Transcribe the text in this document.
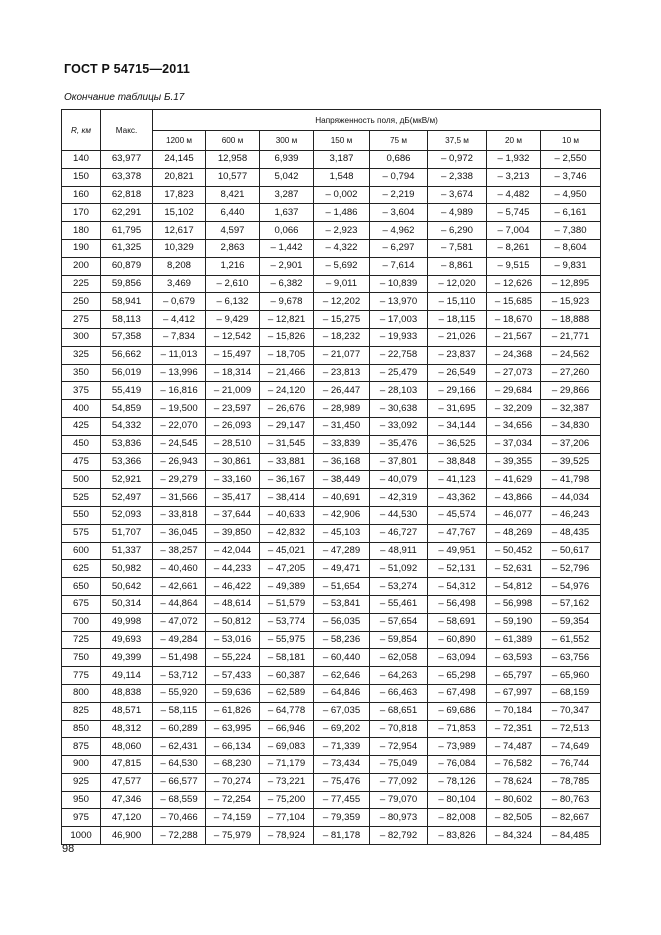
ГОСТ Р 54715—2011
Окончание таблицы Б.17
R, км	Макс.	Напряженность поля, дБ(мкВ/м)							
		1200 м	600 м	300 м	150 м	75 м	37,5 м	20 м	10 м
140	63,977	24,145	12,958	6,939	3,187	0,686	– 0,972	– 1,932	– 2,550
150	63,378	20,821	10,577	5,042	1,548	– 0,794	– 2,338	– 3,213	– 3,746
160	62,818	17,823	8,421	3,287	– 0,002	– 2,219	– 3,674	– 4,482	– 4,950
170	62,291	15,102	6,440	1,637	– 1,486	– 3,604	– 4,989	– 5,745	– 6,161
180	61,795	12,617	4,597	0,066	– 2,923	– 4,962	– 6,290	– 7,004	– 7,380
190	61,325	10,329	2,863	– 1,442	– 4,322	– 6,297	– 7,581	– 8,261	– 8,604
200	60,879	8,208	1,216	– 2,901	– 5,692	– 7,614	– 8,861	– 9,515	– 9,831
225	59,856	3,469	– 2,610	– 6,382	– 9,011	– 10,839	– 12,020	– 12,626	– 12,895
250	58,941	– 0,679	– 6,132	– 9,678	– 12,202	– 13,970	– 15,110	– 15,685	– 15,923
275	58,113	– 4,412	– 9,429	– 12,821	– 15,275	– 17,003	– 18,115	– 18,670	– 18,888
300	57,358	– 7,834	– 12,542	– 15,826	– 18,232	– 19,933	– 21,026	– 21,567	– 21,771
325	56,662	– 11,013	– 15,497	– 18,705	– 21,077	– 22,758	– 23,837	– 24,368	– 24,562
350	56,019	– 13,996	– 18,314	– 21,466	– 23,813	– 25,479	– 26,549	– 27,073	– 27,260
375	55,419	– 16,816	– 21,009	– 24,120	– 26,447	– 28,103	– 29,166	– 29,684	– 29,866
400	54,859	– 19,500	– 23,597	– 26,676	– 28,989	– 30,638	– 31,695	– 32,209	– 32,387
425	54,332	– 22,070	– 26,093	– 29,147	– 31,450	– 33,092	– 34,144	– 34,656	– 34,830
450	53,836	– 24,545	– 28,510	– 31,545	– 33,839	– 35,476	– 36,525	– 37,034	– 37,206
475	53,366	– 26,943	– 30,861	– 33,881	– 36,168	– 37,801	– 38,848	– 39,355	– 39,525
500	52,921	– 29,279	– 33,160	– 36,167	– 38,449	– 40,079	– 41,123	– 41,629	– 41,798
525	52,497	– 31,566	– 35,417	– 38,414	– 40,691	– 42,319	– 43,362	– 43,866	– 44,034
550	52,093	– 33,818	– 37,644	– 40,633	– 42,906	– 44,530	– 45,574	– 46,077	– 46,243
575	51,707	– 36,045	– 39,850	– 42,832	– 45,103	– 46,727	– 47,767	– 48,269	– 48,435
600	51,337	– 38,257	– 42,044	– 45,021	– 47,289	– 48,911	– 49,951	– 50,452	– 50,617
625	50,982	– 40,460	– 44,233	– 47,205	– 49,471	– 51,092	– 52,131	– 52,631	– 52,796
650	50,642	– 42,661	– 46,422	– 49,389	– 51,654	– 53,274	– 54,312	– 54,812	– 54,976
675	50,314	– 44,864	– 48,614	– 51,579	– 53,841	– 55,461	– 56,498	– 56,998	– 57,162
700	49,998	– 47,072	– 50,812	– 53,774	– 56,035	– 57,654	– 58,691	– 59,190	– 59,354
725	49,693	– 49,284	– 53,016	– 55,975	– 58,236	– 59,854	– 60,890	– 61,389	– 61,552
750	49,399	– 51,498	– 55,224	– 58,181	– 60,440	– 62,058	– 63,094	– 63,593	– 63,756
775	49,114	– 53,712	– 57,433	– 60,387	– 62,646	– 64,263	– 65,298	– 65,797	– 65,960
800	48,838	– 55,920	– 59,636	– 62,589	– 64,846	– 66,463	– 67,498	– 67,997	– 68,159
825	48,571	– 58,115	– 61,826	– 64,778	– 67,035	– 68,651	– 69,686	– 70,184	– 70,347
850	48,312	– 60,289	– 63,995	– 66,946	– 69,202	– 70,818	– 71,853	– 72,351	– 72,513
875	48,060	– 62,431	– 66,134	– 69,083	– 71,339	– 72,954	– 73,989	– 74,487	– 74,649
900	47,815	– 64,530	– 68,230	– 71,179	– 73,434	– 75,049	– 76,084	– 76,582	– 76,744
925	47,577	– 66,577	– 70,274	– 73,221	– 75,476	– 77,092	– 78,126	– 78,624	– 78,785
950	47,346	– 68,559	– 72,254	– 75,200	– 77,455	– 79,070	– 80,104	– 80,602	– 80,763
975	47,120	– 70,466	– 74,159	– 77,104	– 79,359	– 80,973	– 82,008	– 82,505	– 82,667
1000	46,900	– 72,288	– 75,979	– 78,924	– 81,178	– 82,792	– 83,826	– 84,324	– 84,485
98
